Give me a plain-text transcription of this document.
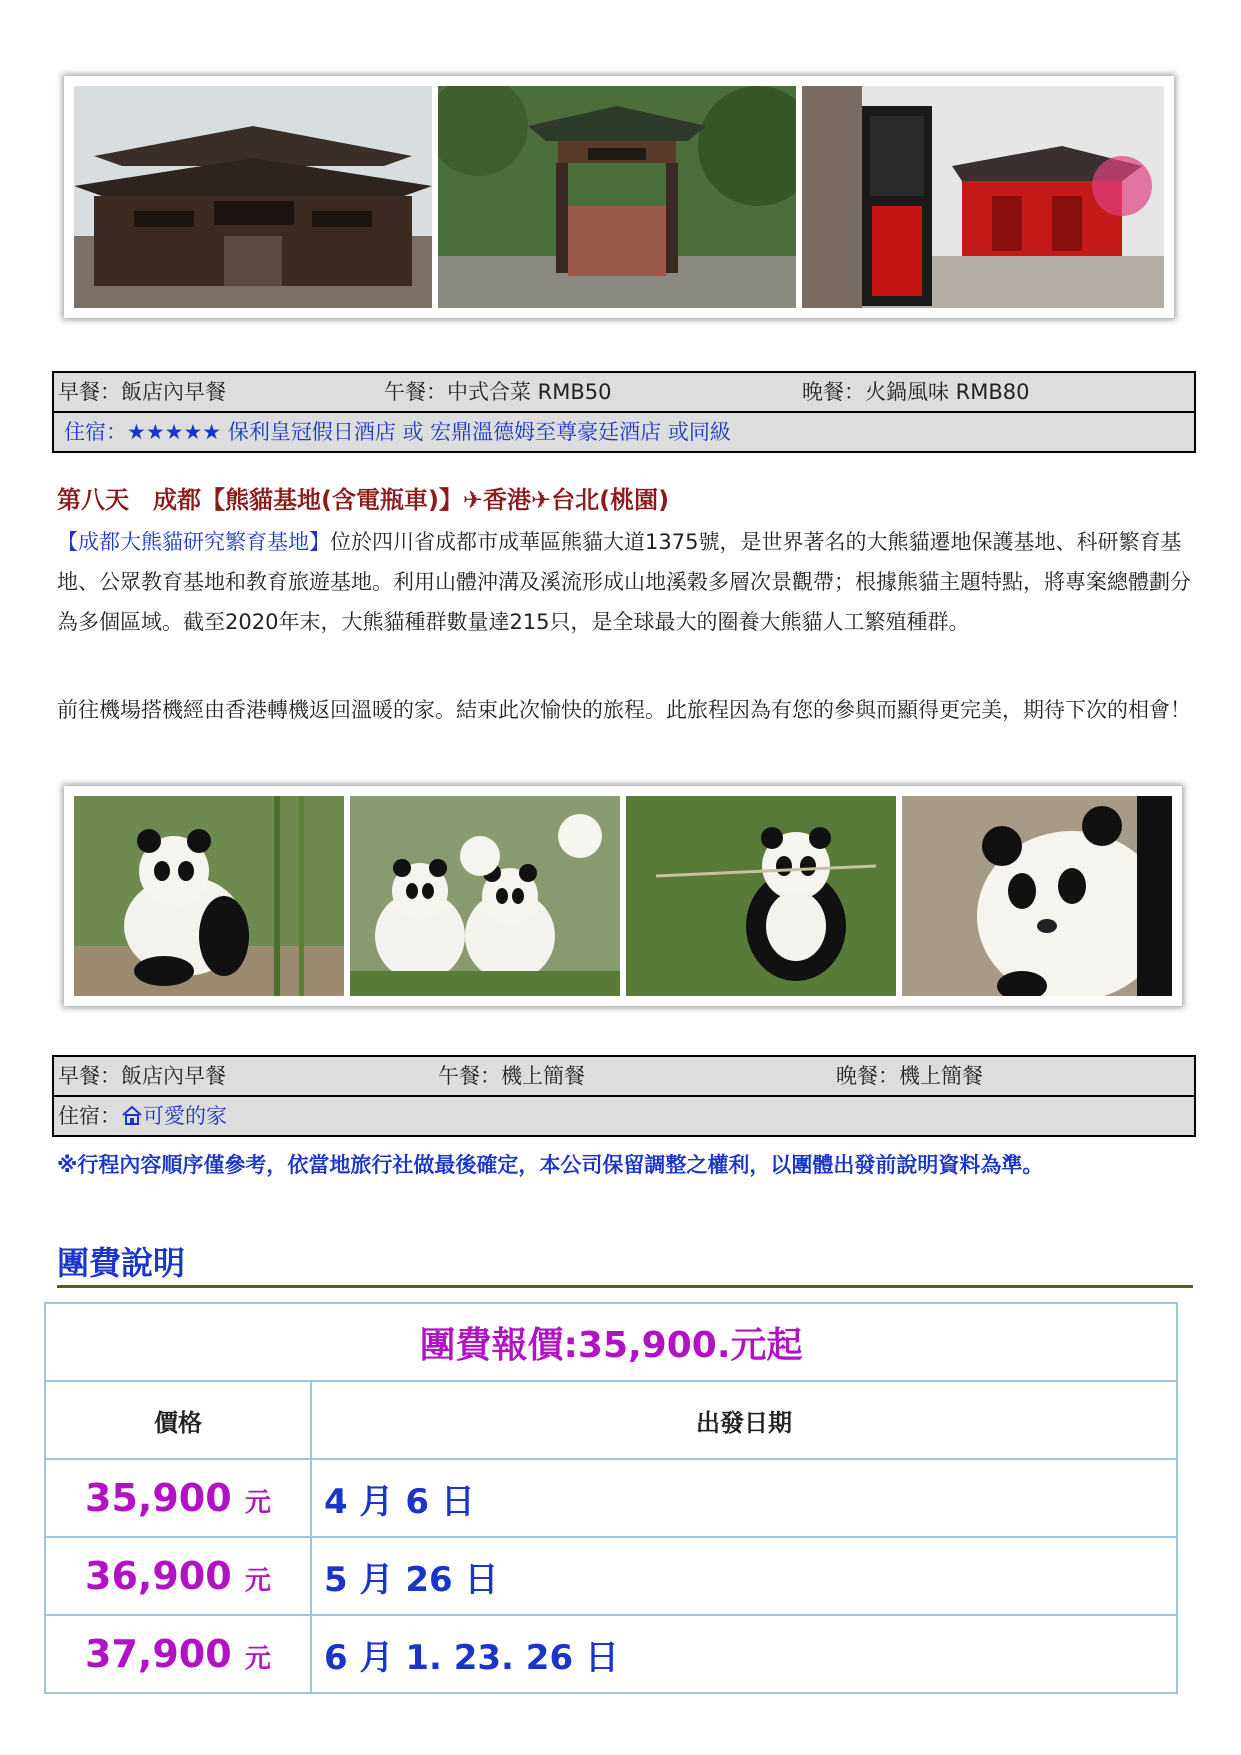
早餐：飯店內早餐	午餐：中式合菜 RMB50	晚餐：火鍋風味 RMB80
住宿：★★★★★ 保利皇冠假日酒店 或 宏鼎溫德姆至尊豪廷酒店 或同級
第八天　成都【熊貓基地(含電瓶車)】✈香港✈台北(桃園)
【成都大熊貓研究繁育基地】位於四川省成都市成華區熊貓大道1375號，是世界著名的大熊貓遷地保護基地、科研繁育基地、公眾教育基地和教育旅遊基地。利用山體沖溝及溪流形成山地溪穀多層次景觀帶；根據熊貓主題特點，將專案總體劃分為多個區域。截至2020年末，大熊貓種群數量達215只，是全球最大的圈養大熊貓人工繁殖種群。
前往機場搭機經由香港轉機返回溫暖的家。結束此次愉快的旅程。此旅程因為有您的參與而顯得更完美，期待下次的相會！
早餐：飯店內早餐	午餐：機上簡餐	晚餐：機上簡餐
住宿： 可愛的家
※行程內容順序僅參考，依當地旅行社做最後確定，本公司保留調整之權利，以團體出發前說明資料為準。
團費說明
團費報價:35,900.元起
價格	出發日期
35,900 元 4 月 6 日
36,900 元 5 月 26 日
37,900 元 6 月 1. 23. 26 日
